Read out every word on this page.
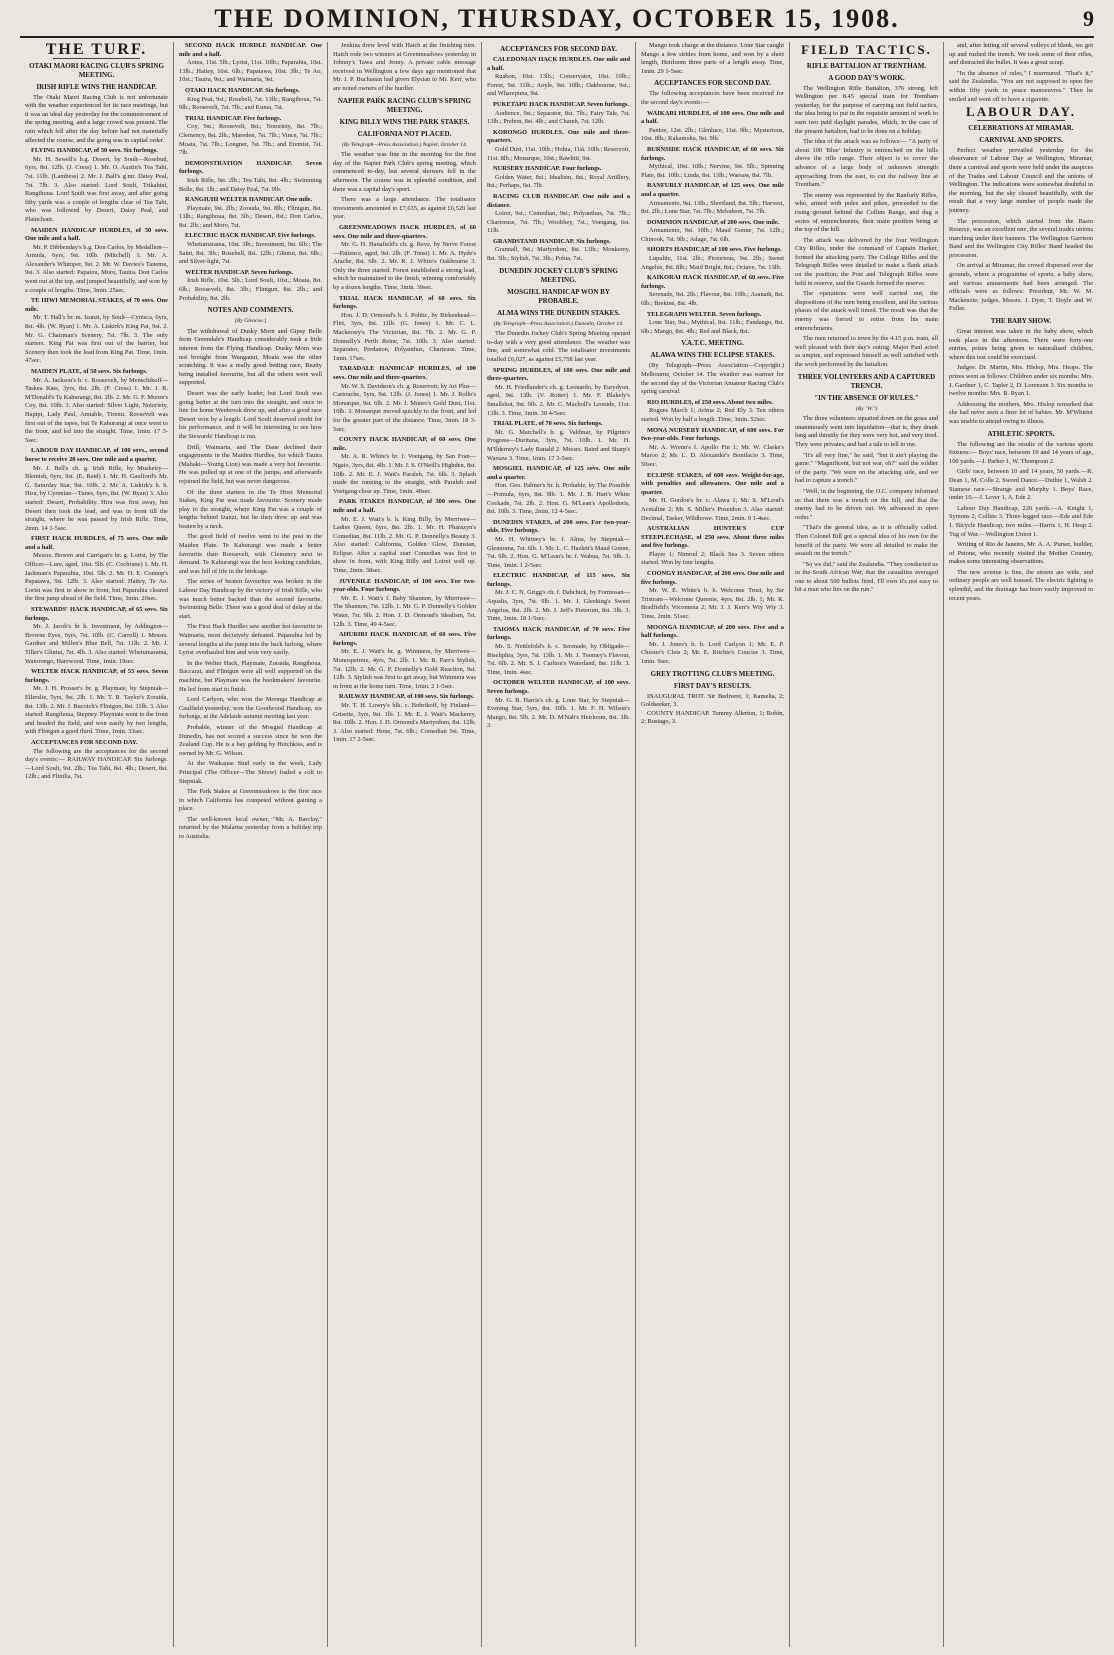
THE DOMINION, THURSDAY, OCTOBER 15, 1908.	9
THE TURF.
OTAKI MAORI RACING CLUB'S SPRING MEETING.
IRISH RIFLE WINS THE HANDICAP.

The Otaki Maori Racing Club is not unfortunate with the weather experienced for its race meetings, but it was an ideal day yesterday for the commencement of the spring meeting, and a large crowd was present. The rain which fell after the day before had not materially affected the course, and the going was in capital order.

FLYING HANDICAP, of 50 sovs. Six furlongs.

Mr. H. Sewell's b.g. Desert, by Soult—Rosebud, 6yrs, 8st. 12lb. (J. Cress) 1. Mr. O. Austin's Tea Tahi, 7st. 11lb. (Lambess) 2. Mr. J. Balf's g.mr. Daisy Peal, 7st. 7lb. 3. Also started: Lord Soult, Trikahini, Rangihoua. Lord Soult was first away, and after going fifty yards was a couple of lengths clear of Tea Tahi, who was followed by Desert, Daisy Peal, and Plainchant.

MAIDEN HANDICAP HURDLES, of 50 sovs. One mile and a half.

Mr. P. Dibbenday's b.g. Don Carlos, by Medallion—Armida, 6yrs, 9st. 10lb. (Mitchell) 1. Mr. A. Alexander's Whimper, 9st. 2. Mr. W. Davies's Tanemu, 9st. 3. Also started: Papaiou, Moro, Tauira. Don Carlos went out at the top, and jumped beautifully, and won by a couple of lengths. Time, 3min. 25sec.

TE HIWI MEMORIAL STAKES, of 70 sovs. One mile.

Mr. T. Hall's br. m. Izanzi, by Soult—Cynisca, 6yrs, 8st. 4lb. (W. Ryan) 1. Mr. A. Liskirk's King Pat, 9st. 2. Mr. G. Chairman's Scenery, 7st. 7lb. 3. The only starters. King Pat was first out of the barrier, but Scenery then took the lead from King Pat. Time, 1min. 47sec.

MAIDEN PLATE, of 50 sovs. Six furlongs.

Mr. A. Jackson's b. c. Roosevelt, by Menschikoff—Taskea Kate, 3yrs, 8st. 2lb. (F. Cress) 1. Mr. J. R. M'Donald's Te Kahurangi, 8st. 2lb. 2. Mr. G. F. Moore's Coy, 8st. 10lb. 3. Also started: Silver Light, Notoriety, Hapipi, Lady Paul, Amiable, Tiremi. Roosevelt was first out of the tapes, but Te Kahurangi at once went to the front, and led into the straight. Time, 1min. 17 3-5sec.

LABOUR DAY HANDICAP, of 100 sovs., second horse to receive 20 sovs. One mile and a quarter.

Mr. J. Bell's ch. g. Irish Rifle, by Musketry—Blemish, 6yrs, 9st. (E. Reid) 1. Mr. H. Gaulford's Mr. G. Saturday Star, 9st. 10lb. 2. Mr. A. Liskirk's b. h. Hira, by Cyrenian—Tunes, 6yrs, 8st. (W. Ryan) 3. Also started: Desert, Probability. Hira was first away, but Desert then took the lead, and was in front till the straight, where he was passed by Irish Rifle. Time, 2min. 14 1-5sec.

FIRST HACK HURDLES, of 75 sovs. One mile and a half.

Messrs. Bowen and Carrigan's br. g. Lorist, by The Officer—Lure, aged, 10st. 5lb. (C. Cochrane) 1. Mr. H. Jackman's Paparahia, 10st. 5lb. 2. Mr. H. E. Connop's Papatawa, 9st. 12lb. 3. Also started: Hattey, Te Ao. Lorist was first to show in front, but Paparahia cleared the first jump ahead of the field. Time, 3min. 20sec.

STEWARDS' HACK HANDICAP, of 65 sovs. Six furlongs.

Mr. J. Jacob's br h. Investment, by Addington—Browne Eyes, 6yrs, 7st. 10lb. (C. Carroll) 1. Messrs. Gardner and Millen's Blue Bell, 7st. 11lb. 2. Mr. J. Tiller's Glintui, 7st. 4lb. 3. Also started: Whetumarama, Waiorongo, Harewood. Time, 1min. 19sec.

WELTER HACK HANDICAP, of 55 sovs. Seven furlongs.

Mr. J. H. Prosser's br. g. Playmate, by Stepniak—Ellerslie, 5yrs, 9st. 2lb. 1. Mr. T. R. Taylor's Zoraida, 8st. 13lb. 2. Mr. J. Bucoich's Flintgun, 8st. 11lb. 3. Also started: Rangihoua, Stepney. Playmate went to the front and headed the field, and won easily by two lengths, with Flintgun a good third. Time, 1min. 33sec.

ACCEPTANCES FOR SECOND DAY.

The following are the acceptances for the second day's events:— RAILWAY HANDICAP. Six furlongs.—Lord Soult, 9st. 2lb.; Tea Tahi, 8st. 4lb.; Desert, 8st. 12lb.; and Flintlia, 7st.

SECOND HACK HURDLE HANDICAP. One mile and a half.

Aotea, 11st. 5lb.; Lyrist, 11st. 10lb.; Paparahia, 10st. 13lb.; Hattey, 10st. 6lb.; Papatawa, 10st. 3lb.; Te Ao, 10st.; Tauira, 9st.; and Waimaria, 9st.

OTAKI HACK HANDICAP. Six furlongs.

King Peat, 9st.; Rosebell, 7st. 13lb.; Rangihoua, 7st. 9lb.; Roosevelt, 7st. 7lb.; and Kuma, 7st.

TRIAL HANDICAP. Five furlongs.

Coy, 9st.; Roosevelt, 8st.; Notoriety, 8st. 7lb.; Clemency, 8st. 2lb.; Mareden, 7st. 7lb.; Vince, 7st. 7lb.; Moata, 7st. 7lb.; Longner, 7st. 7lb.; and Eremisi, 7st. 7lb.

DEMONSTRATION HANDICAP. Seven furlongs.

Irish Rifle, 9st. 2lb.; Tea Tahi, 8st. 4lb.; Swimming Belle, 8st. 1lb.; and Daisy Peal, 7st. 9lb.

RANGIUHI WELTER HANDICAP. One mile.

Playmate, 9st. 2lb.; Zoraida, 9st. 8lb.; Flintgun, 8st. 13lb.; Rangihoua, 8st. 3lb.; Desert, 8st.; Don Carlos, 8st. 2lb.; and Moro, 7st.

ELECTRIC HACK HANDICAP. Five furlongs.

Whetumarama, 10st. 3lb.; Investment, 9st. 6lb.; The Saint, 8st. 3lb.; Rosebell, 8st. 12lb.; Glintui, 8st. 6lb.; and Silver-light, 7st.

WELTER HANDICAP. Seven furlongs.

Irish Rifle, 10st. 5lb.; Lord Soult, 10st.; Moata, 8st. 6lb.; Roosevelt, 8st. 3lb.; Flintgun, 8st. 2lb.; and Probability, 8st. 2lb.

NOTES AND COMMENTS.
[By Glencoe.]

The withdrawal of Dusky Morn and Gipsy Belle from Greendale's Handicap considerably took a little interest from the Flying Handicap. Dusky Morn was not brought from Wanganui, Moata was the other scratching. It was a really good betting race, Beatty being installed favourite, but all the others were well supported.

Desert was the early leader, but Lord Soult was going better at the turn into the straight, and once in line for home Wenbrook drew up, and after a good race Desert won by a length. Lord Soult deserved credit for his performance, and it will be interesting to see how the Stewards' Handicap is run.

Drill, Waimaria, and The Dane declined their engagements in the Maiden Hurdles, for which Tauira (Mahaki—Young Lion) was made a very hot favourite. He was pulled up at one of the jumps, and afterwards rejoined the field, but was never dangerous.

Of the three starters in the Te Hiwi Memorial Stakes, King Pat was made favourite. Scenery made play to the straight, where King Pat was a couple of lengths behind Izanzi, but he then drew up and was beaten by a neck.

The good field of twelve went to the post in the Maiden Plate. Te Kahurangi was made a better favourite than Roosevelt, with Clemency next in demand. Te Kahurangi was the best looking candidate, and was full of life in the birdcage.

The series of beaten favourites was broken in the Labour Day Handicap by the victory of Irish Rifle, who was much better backed than the second favourite, Swimming Belle. There was a good deal of delay at the start.

The First Hack Hurdles saw another hot favourite in Waimaria, most decisively defeated. Paparahia led by several lengths at the jump into the back furlong, where Lyrist overhauled him and won very easily.

In the Welter Hack, Playmate, Zoraida, Rangihoua, Baccarat, and Flintgun were all well supported on the machine, but Playmate was the bookmakers' favourite. He led from start to finish.

Lord Carlyon, who won the Moonga Handicap at Caulfield yesterday, won the Goodwood Handicap, six furlongs, at the Adelaide autumn meeting last year.

Probable, winner of the Mosgiel Handicap at Dunedin, has not scored a success since he won the Zealand Cup. He is a bay gelding by Hotchkiss, and is owned by Mr. G. Wilson.

At the Waikanae Stud early in the week, Lady Principal (The Officer—The Shrew) foaled a colt to Stepniak.

The Park Stakes at Greenmeadows is the first race in which California has competed without gaining a place.

The well-known local owner, "Mr. A. Barclay," returned by the Malarna yesterday from a holiday trip to Australia.

Jenkins drew level with Hatch at the finishing turn. Hatch rode two winners at Greenmeadows yesterday in Johnny's Tawa and Jenny. A private cable message received in Wellington a few days ago mentioned that Mr. J. P. Buchanan had given Elysian to Mr. Kerr, who are noted owners of the hurdler.

NAPIER PARK RACING CLUB'S SPRING MEETING.
KING BILLY WINS THE PARK STAKES.
CALIFORNIA NOT PLACED.
(By Telegraph—Press Association.) Napier, October 14.

The weather was fine in the morning for the first day of the Napier Park Club's spring meeting, which commenced to-day, but several showers fell in the afternoon. The course was in splendid condition, and there was a capital day's sport.

There was a large attendance. The totalisator investments amounted to £7,635, as against £6,520 last year.

GREENMEADOWS HACK HURDLES, of 60 sovs. One mile and three-quarters.

Mr. G. H. Hanafield's ch. g. Reve, by Nerve Forest—Patience, aged, 9st. 2lb. (F. Tonsi) 1. Mr. A. Hyde's Arache, 8st. 6lb. 2. Mr. R. J. White's Oakbourne 3. Only the three started. Forest established a strong lead, which he maintained to the finish, winning comfortably by a dozen lengths. Time, 3min. 39sec.

TRIAL HACK HANDICAP, of 60 sovs. Six furlongs.

Hon. J. D. Ormond's b. f. Politic, by Birkenhead—Flirt, 3yrs, 8st. 11lb. (G. Jones) 1. Mr. C. L. Mackersey's The Victorian, 8st. 7lb. 2. Mr. G. P. Donnelly's Perth Reine, 7st. 10lb. 3. Also started: Separator, Perdanon, Polyanthus, Charteuse. Time, 1min. 17sec.

TARADALE HANDICAP HURDLES, of 100 sovs. One mile and three-quarters.

Mr. W. S. Davidson's ch. g. Reservoir, by Art Plus—Cartouche, 5yrs, 9st. 12lb. (J. Jones) 1. Mr. J. Rollo's Monarque, 9st. 6lb. 2. Mr. J. Munro's Gold Dust, 11st. 10lb. 3. Monarque moved quickly to the front, and led for the greater part of the distance. Time, 3min. 18 3-5sec.

COUNTY HACK HANDICAP, of 60 sovs. One mile.

Mr. A. R. White's br. f. Voetgang, by San Fran—Ngaio, 3yrs, 8st. 4lb. 1. Mr. J. S. O'Neill's Highden, 8st. 10lb. 2. Mr. E. J. Watt's Paraleh, 7st. 6lb. 3. Splash made the running to the straight, with Paraleh and Voetgang close up. Time, 1min. 48sec.

PARK STAKES HANDICAP, of 300 sovs. One mile and a half.

Mr. E. J. Watt's b. h. King Billy, by Merriwee—Ladies Queen, 6yrs, 8st. 2lb. 1. Mr. H. Pharazyn's Comedian, 8st. 11lb. 2. Mr. G. P. Donnelly's Beauty 3. Also started: California, Golden Glow, Dunstan, Eclipse. After a capital start Comedian was first to show in front, with King Billy and Loiret well up. Time, 2min. 38sec.

JUVENILE HANDICAP, of 100 sovs. For two-year-olds. Four furlongs.

Mr. E. J. Watt's f. Baby Shannon, by Merriwee—The Shannon, 7st. 12lb. 1. Mr. G. P. Donnelly's Golden Water, 7st. 9lb. 2. Hon. J. D. Ormond's Idealism, 7st. 12lb. 3. Time, 49 4-5sec.

AHURIRI HACK HANDICAP, of 60 sovs. Five furlongs.

Mr. E. J. Watt's br. g. Wimmera, by Merriwee—Monospermie, 4yrs, 7st. 2lb. 1. Mr. R. Parr's Stylish, 7st. 12lb. 2. Mr. G. P. Donnelly's Gold Reaction, 9st. 12lb. 3. Stylish was first to get away, but Wimmera was in front at the home turn. Time, 1min. 2 1-5sec.

RAILWAY HANDICAP, of 100 sovs. Six furlongs.

Mr. T. H. Lowry's blk. c. Bobrikoff, by Finland—Grisette, 3yrs, 9st. 1lb. 1. Mr. E. J. Watt's Mackerey, 8st. 10lb. 2. Hon. J. D. Ormond's Martyrdom, 8st. 12lb. 3. Also started: Hone, 7st. 6lb.; Comedian 9st. Time, 1min. 17 2-5sec.

ACCEPTANCES FOR SECOND DAY.

CALEDONIAN HACK HURDLES. One mile and a half.

Ruabon, 10st. 13lb.; Conservator, 10st. 10lb.; Forest, 9st. 11lb.; Aoyle, 9st. 10lb.; Oakbourne, 9st.; and Wharepuna, 9st.

PUKETAPU HACK HANDICAP. Seven furlongs.

Audience, 9st.; Separator, 8st. 7lb.; Fairy Tale, 7st. 13lb.; Prebon, 8st. 4lb.; and Chareh, 7st. 12lb.

KORONGO HURDLES. One mile and three-quarters.

Gold Dust, 11st. 10lb.; Hohia, 11st. 10lb.; Reservoir, 11st. 8lb.; Monarque, 10st.; Rawhiti, 9st.

NURSERY HANDICAP. Four furlongs.

Golden Water, 8st.; Idealism, 8st.; Royal Artillery, 8st.; Perhaps, 6st. 7lb.

RACING CLUB HANDICAP. One mile and a distance.

Loiret, 9st.; Comedian, 9st.; Polyanthus, 7st. 7lb.; Chartreuse, 7st. 7lb.; Woolthey, 7st.; Voetgang, 6st. 11lb.

GRANDSTAND HANDICAP. Six furlongs.

Grannall, 9st.; Martyrdom, 8st. 13lb.; Monkerey, 8st. 3lb.; Stylish, 7st. 3lb.; Pobia, 7st.

DUNEDIN JOCKEY CLUB'S SPRING MEETING.
MOSGIEL HANDICAP WON BY PROBABLE.
ALMA WINS THE DUNEDIN STAKES.
(By Telegraph—Press Association.) Dunedin, October 14.

The Dunedin Jockey Club's Spring Meeting opened to-day with a very good attendance. The weather was fine, and somewhat cold. The totalisator investments totalled £6,027, as against £5,758 last year.

SPRING HURDLES, of 100 sovs. One mile and three-quarters.

Mr. H. Friedlander's ch. g. Leonardo, by Eurydyon, aged, 9st. 13lb. (V. Rotter) 1. Mr. F. Blakely's Smallshot, 9st. 9lb. 2. Mr. C. Macholl's Leonide, 11st. 13lb. 3. Time, 3min. 30 4-5sec.

TRIAL PLATE, of 70 sovs. Six furlongs.

Mr. G. Marchell's b. g. Valdmar, by Pilgrim's Progress—Duritana, 3yrs, 7st. 10lb. 1. Mr. H. M'Ilderney's Lady Ranald 2. Messrs. Baird and Sharp's Warsaw 3. Time, 1min. 17 3-5sec.

MOSGIEL HANDICAP, of 125 sovs. One mile and a quarter.

Hon. Geo. Palmer's br. h. Probable, by The Possible—Primula, 6yrs, 8st. 9lb. 1. Mr. J. B. Hart's White Cockade, 7st. 2lb. 2. Hon. G. M'Lean's Apollodoris, 8st. 10lb. 3. Time, 2min. 12 4-5sec.

DUNEDIN STAKES, of 200 sovs. For two-year-olds. Five furlongs.

Mr. H. Whitney's br. f. Alma, by Stepniak—Glenuoma, 7st. 6lb. 1. Mr. L. C. Hazlett's Maud Gonne, 7st. 9lb. 2. Hon. G. M'Lean's br. f. Wabua, 7st. 9lb. 3. Time, 1min. 1 2-5sec.

ELECTRIC HANDICAP, of 115 sovs. Six furlongs.

Mr. J. C. N. Grigg's ch. f. Dabchick, by Formosan—Aqualis, 3yrs, 7st. 9lb. 1. Mr. J. Gleeking's Sweet Angelus, 8st. 2lb. 2. Mr. J. Jeff's Pieterum, 8st. 3lb. 3. Time, 1min. 18 1-5sec.

TAIOMA HACK HANDICAP, of 70 sovs. Five furlongs.

Mr. S. Nettlefold's b. c. Serenade, by Obligado—Biseliphia, 3yrs, 7st. 13lb. 1. Mr. J. Toomey's Flavour, 7st. 6lb. 2. Mr. S. J. Carlton's Waterland, 8st. 11lb. 3. Time, 1min. 4sec.

OCTOBER WELTER HANDICAP, of 100 sovs. Seven furlongs.

Mr. G. B. Harris's ch. g. Lone Star, by Stepniak—Evening Star, 5yrs, 8st. 10lb. 1. Mr. F. H. Wilson's Mango, 8st. 5lb. 2. Mr. D. M'Nab's Heirloom, 8st. 3lb. 3.

Mango took charge at the distance. Lone Star caught Mango a few strides from home, and won by a short length, Heirloom three parts of a length away. Time, 1min. 29 1-5sec.

ACCEPTANCES FOR SECOND DAY.

The following acceptances have been received for the second day's events:—

WAIKARI HURDLES, of 100 sovs. One mile and a half.

Pantoe, 12st. 2lb.; Glenluce, 11st. 9lb.; Mysterious, 10st. 8lb.; Kakamoka, 9st. 9lb.

BURNSIDE HACK HANDICAP, of 60 sovs. Six furlongs.

Mythical, 10st. 10lb.; Nervine, 9st. 5lb.; Spinning Plate, 8st. 10lb.; Linda, 8st. 13lb.; Warsaw, 8st. 7lb.

RANFURLY HANDICAP, of 125 sovs. One mile and a quarter.

Armamento, 9st. 13lb.; Shortland, 8st. 5lb.; Harvest, 8st. 2lb.; Lone Star, 7st. 7lb.; Melodeon, 7st. 7lb.

DOMINION HANDICAP, of 200 sovs. One mile.

Armamento, 9st. 10lb.; Maud Gonne, 7st. 12lb.; Chinook, 7st. 9lb.; Adage, 7st. 6lb.

SHORTS HANDICAP, of 100 sovs. Five furlongs.

Lupulite, 11st. 2lb.; Pictorious, 9st. 2lb.; Sweet Angelus, 8st. 8lb.; Maid Bright, 8st.; Octave, 7st. 13lb.

KAIKORAI HACK HANDICAP, of 60 sovs. Five furlongs.

Serenade, 9st. 2lb.; Flavour, 8st. 10lb.; Asanath, 8st. 6lb.; Brekine, 8st. 4lb.

TELEGRAPH WELTER. Seven furlongs.

Lone Star, 9st.; Mythical, 8st. 11lb.; Fandango, 8st. 6lb.; Mango, 8st. 4lb.; Red and Black, 8st.

V.A.T.C. MEETING.
ALAWA WINS THE ECLIPSE STAKES.

(By Telegraph—Press Association—Copyright.) Melbourne, October 14. The weather was warmer for the second day of the Victorian Amateur Racing Club's spring carnival.

RIO HURDLES, of 250 sovs. About two miles.

Rogues March 1; Arima 2; Red Ely 3. Ten others started. Won by half a length. Time, 3min. 52sec.

MONA NURSERY HANDICAP, of 600 sovs. For two-year-olds. Four furlongs.

Mr. A. Wrenn's f. Apollo Fin 1; Mr. W. Clarke's Maroo 2; Mr. L. D. Alexander's Bonifacio 3. Time, 50sec.

ECLIPSE STAKES, of 600 sovs. Weight-for-age, with penalties and allowances. One mile and a quarter.

Mr. H. Gordon's br. c. Alawa 1; Mr. S. M'Leod's Acetaline 2; Mr. S. Miller's Poseidon 3. Also started: Decimal, Tasker, Wildhowe. Time, 2min. 9 1-4sec.

AUSTRALIAN HUNTER'S CUP STEEPLECHASE, of 250 sovs. About three miles and five furlongs.

Player 1; Nimrod 2; Black Sea 3. Seven others started. Won by four lengths.

COONGY HANDICAP, of 200 sovs. One mile and five furlongs.

Mr. W. E. White's b. h. Welcome Trust, by Sir Tristram—Welcome Queenie, 4yrs, 8st. 2lb. 1; Mr. R. Bradfield's Vocomena 2; Mr. J. J. Kerr's Wiy Wiy 3. Time, 2min. 51sec.

MOONGA HANDICAP, of 200 sovs. Five and a half furlongs.

Mr. J. Jones's b. h. Lord Carlyon 1; Mr. E. P. Chester's Cleis 2; Mr. E. Ritchie's Concise 3. Time, 1min. 9sec.

GREY TROTTING CLUB'S MEETING.
FIRST DAY'S RESULTS.

INAUGURAL TROT. Sir Bedivere, 1; Kamelia, 2; Goldseeker, 3.

COUNTY HANDICAP. Tommy Allerton, 1; Robin, 2; Rustago, 3.

FIELD TACTICS.
RIFLE BATTALION AT TRENTHAM.
A GOOD DAY'S WORK.

The Wellington Rifle Battalion, 376 strong, left Wellington per 8.45 special train for Trentham yesterday, for the purpose of carrying out field tactics, the idea being to put in the requisite amount of work to earn two paid daylight parades, which, in the case of the present battalion, had to be done on a holiday.

The idea of the attack was as follows:— "A party of about 100 'Blue' Infantry is entrenched on the hills above the rifle range. Their object is to cover the advance of a large body of unknown strength approaching from the east, to cut the railway line at Trentham."

The enemy was represented by the Ranfurly Rifles, who, armed with poles and pikes, proceeded to the rising ground behind the Collins Range, and dug a series of entrenchments, their main position being at the top of the hill.

The attack was delivered by the four Wellington City Rifles, under the command of Captain Harker, formed the attacking party. The College Rifles and the Telegraph Rifles were detailed to make a flank attack on the position; the Post and Telegraph Rifles were held in reserve, and the Guards formed the reserve.

The operations were well carried out, the dispositions of the men being excellent, and the various phases of the attack well timed. The result was that the enemy was forced to retire from his main entrenchments.

The men returned to town by the 4.15 p.m. train, all well pleased with their day's outing. Major Paul acted as umpire, and expressed himself as well satisfied with the work performed by the battalion.

THREE VOLUNTEERS AND A CAPTURED TRENCH.
"IN THE ABSENCE OF RULES."
(By "W.")

The three volunteers squatted down on the grass and unanimously went into liquidation—that is, they drank long and thirstily for they were very hot, and very tired. They were privates, and had a tale to tell to me.

"It's all very fine," he said, "but it ain't playing the game." "Magnificent, but not war, eh?" said the soldier of the party. "We were on the attacking side, and we had to capture a trench."

"Well, in the beginning, the O.C. company informed us that there was a trench on the hill, and that the enemy had to be driven out. We advanced in open order."

"That's the general idea, as it is officially called. Then Colonel Bill got a special idea of his own for the benefit of the party. We were all detailed to make the assault on the trench."

"So we did," said the Zealandia. "They conducted us in the South African War, that the casualties averaged one to about 500 bullets fired. I'll own it's not easy to hit a man who lies on the run."

and, after letting off several volleys of blank, we got up and rushed the trench. We took some of their rifles, and distracted the bullet. It was a great scrap.

"In the absence of rules," I murmured. "That's it," said the Zealandia. "You are not supposed to open fire within fifty yards in peace manoeuvres." Then he smiled and went off to have a cigarette.

LABOUR DAY.
CELEBRATIONS AT MIRAMAR.
CARNIVAL AND SPORTS.

Perfect weather prevailed yesterday for the observance of Labour Day at Wellington, Miramar, there a carnival and sports were held under the auspices of the Trades and Labour Council and the unions of Wellington. The indications were somewhat doubtful in the morning, but the sky cleared beautifully, with the result that a very large number of people made the journey.

The procession, which started from the Basin Reserve, was an excellent one, the several trades unions marching under their banners. The Wellington Garrison Band and the Wellington City Rifles' Band headed the procession.

On arrival at Miramar, the crowd dispersed over the grounds, where a programme of sports, a baby show, and various amusements had been arranged. The officials were as follows: President, Mr. W. M. Mackenzie; judges, Messrs. J. Dyer, T. Doyle and W. Fuller.

THE BABY SHOW.

Great interest was taken in the baby show, which took place in the afternoon. There were forty-one entries, prizes being given to naturalised children, where this test could be exercised.

Judges: Dr. Martin, Mrs. Hislop, Mrs. Heaps. The prizes went as follows: Children under six months: Mrs. J. Gardner 1, C. Tapler 2, D. Lorenzen 3. Six months to twelve months: Mrs. R. Ryan 1.

Addressing the mothers, Mrs. Hislop remarked that she had never seen a finer lot of babies. Mr. M'Whirter was unable to attend owing to illness.

ATHLETIC SPORTS.

The following are the results of the various sports fixtures:— Boys' race, between 10 and 14 years of age, 100 yards.—J. Parker 1, W. Thompson 2.

Girls' race, between 10 and 14 years, 50 yards.—R. Dean 1, M. Colle 2. Sword Dance.—Duthie 1, Walsh 2. Siamese race.—Strange and Murphy 1. Boys' Race, under 10.—J. Lever 1, A. Ede 2.

Labour Day Handicap, 220 yards.—A. Knight 1, Symons 2, Collins 3. Three-legged race.—Ede and Ede 1. Bicycle Handicap, two miles.—Harris 1, H. Heap 2. Tug of War.—Wellington Union 1.

Writing of Rio de Janeiro, Mr. A. A. Purser, builder, of Petone, who recently visited the Mother Country, makes some interesting observations.

The new avenue is fine, the streets are wide, and ordinary people are well housed. The electric lighting is splendid, and the drainage has been vastly improved in recent years.
